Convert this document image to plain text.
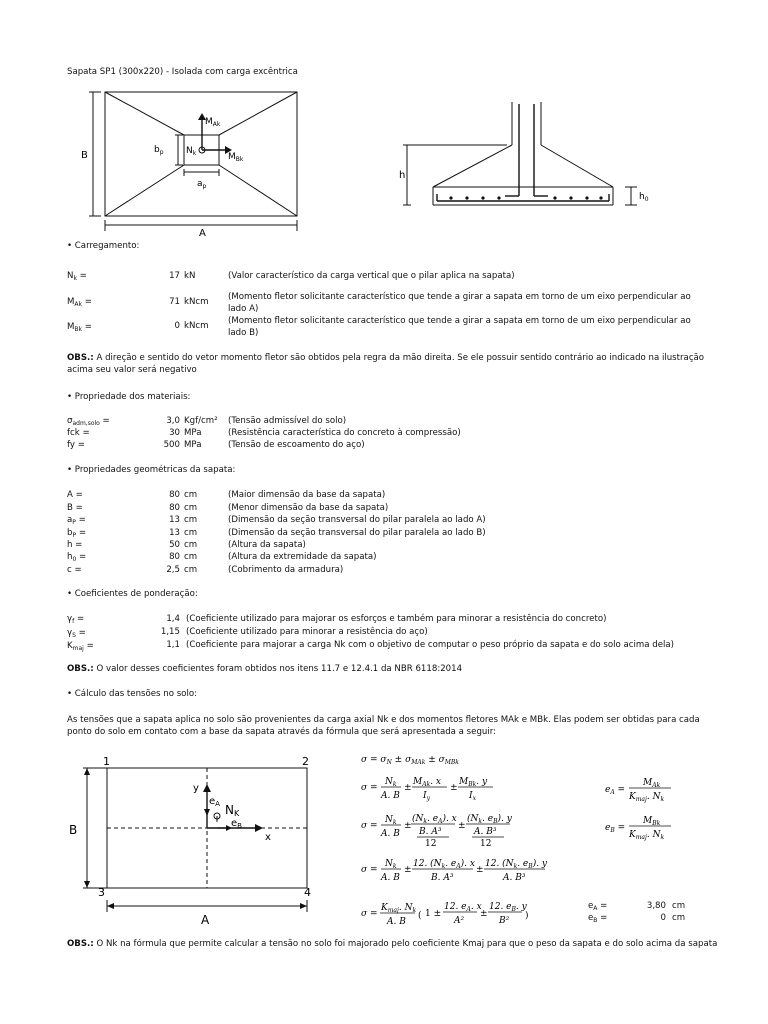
Sapata SP1 (300x220) - Isolada com carga excêntrica
B
A
$b_p$
$a_p$
$N_k$
$M_{Ak}$
$M_{Bk}$
h
$h_0$
• Carregamento:
$N_k$ =	17 kN	(Valor característico da carga vertical que o pilar aplica na sapata)
$M_{Ak}$ =	71 kNcm (Momento fletor solicitante característico que tende a girar a sapata em torno de um eixo perpendicular ao lado A)
$M_{Bk}$ =	0 kNcm (Momento fletor solicitante característico que tende a girar a sapata em torno de um eixo perpendicular ao lado B)
OBS.: A direção e sentido do vetor momento fletor são obtidos pela regra da mão direita. Se ele possuir sentido contrário ao indicado na ilustração acima seu valor será negativo
• Propriedade dos materiais:
$\sigma_{adm,solo}$ =	3,0 Kgf/cm² (Tensão admissível do solo)
fck =	30 MPa	(Resistência característica do concreto à compressão)
fy =	500 MPa	(Tensão de escoamento do aço)
• Propriedades geométricas da sapata:
A =	80 cm	(Maior dimensão da base da sapata)
B =	80 cm	(Menor dimensão da base da sapata)
$a_P$ =	13 cm	(Dimensão da seção transversal do pilar paralela ao lado A)
$b_P$ =	13 cm	(Dimensão da seção transversal do pilar paralela ao lado B)
h =	50 cm	(Altura da sapata)
$h_0$ =	80 cm	(Altura da extremidade da sapata)
c =	2,5 cm	(Cobrimento da armadura)
• Coeficientes de ponderação:
$\gamma_f$ =	1,4 (Coeficiente utilizado para majorar os esforços e também para minorar a resistência do concreto)
$\gamma_S$ =	1,15 (Coeficiente utilizado para minorar a resistência do aço)
$K_{maj}$ =	1,1 (Coeficiente para majorar a carga Nk com o objetivo de computar o peso próprio da sapata e do solo acima dela)
OBS.: O valor desses coeficientes foram obtidos nos itens 11.7 e 12.4.1 da NBR 6118:2014
• Cálculo das tensões no solo:
As tensões que a sapata aplica no solo são provenientes da carga axial Nk e dos momentos fletores MAk e MBk. Elas podem ser obtidas para cada ponto do solo em contato com a base da sapata através da fórmula que será apresentada a seguir:
1	2
3	4
B
A
y
x
$e_A$ NK
$e_B$
$\sigma = \sigma_N \pm \sigma_{MAk} \pm \sigma_{MBk}$
σ =
$N_k$
A. B
±
$M_{Ak}$. x
$I_y$
±
$M_{Bk}$. y
$I_x$
$e_A$ =
$M_{Ak}$
$K_{maj}$. $N_k$
σ =
$N_k$
A. B
±
($N_k$. $e_A$). x
B. A³
12
±
($N_k$. $e_B$). y
A. B³
12
$e_B$ =
$M_{Bk}$
$K_{maj}$. $N_k$
σ =
$N_k$
A. B
±
12. ($N_k$. $e_A$). x
B. A³
±
12. ($N_k$. $e_B$). y
A. B³
σ =
$K_{maj}$. $N_k$
A. B
( 1 ±
12. $e_A$. x
A²
±
12. $e_B$. y
B² )
$e_A$ =	3,80 cm
$e_B$ =	0 cm
OBS.: O Nk na fórmula que permite calcular a tensão no solo foi majorado pelo coeficiente Kmaj para que o peso da sapata e do solo acima da sapata
